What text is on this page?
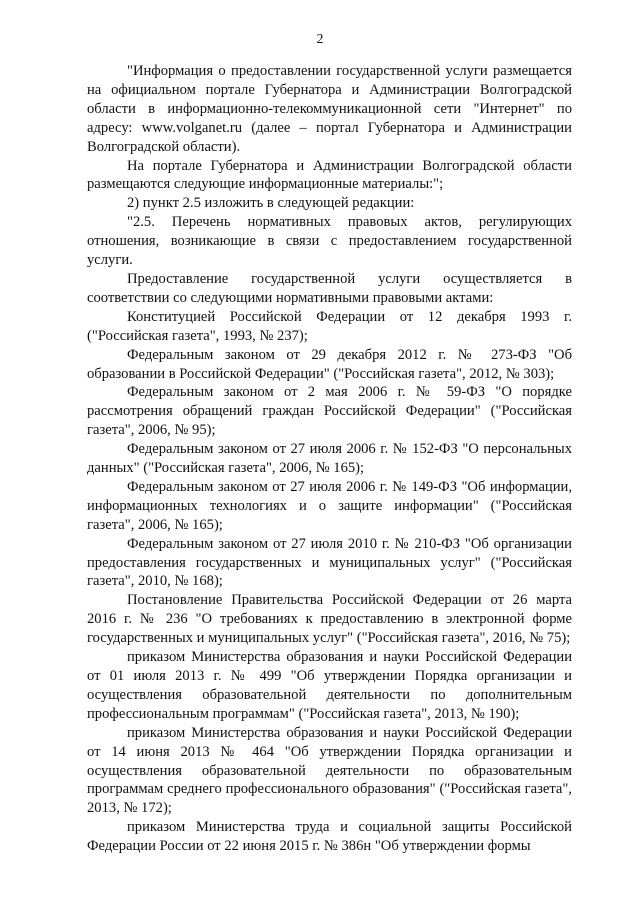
2

"Информация о предоставлении государственной услуги размещается на официальном портале Губернатора и Администрации Волгоградской области в информационно-телекоммуникационной сети "Интернет" по адресу: www.volganet.ru (далее – портал Губернатора и Администрации Волгоградской области).

На портале Губернатора и Администрации Волгоградской области размещаются следующие информационные материалы:";

2) пункт 2.5 изложить в следующей редакции:

"2.5. Перечень нормативных правовых актов, регулирующих отношения, возникающие в связи с предоставлением государственной услуги.

Предоставление государственной услуги осуществляется в соответствии со следующими нормативными правовыми актами:

Конституцией Российской Федерации от 12 декабря 1993 г. ("Российская газета", 1993, № 237);

Федеральным законом от 29 декабря 2012 г. № 273-ФЗ "Об образовании в Российской Федерации" ("Российская газета", 2012, № 303);

Федеральным законом от 2 мая 2006 г. № 59-ФЗ "О порядке рассмотрения обращений граждан Российской Федерации" ("Российская газета", 2006, № 95);

Федеральным законом от 27 июля 2006 г. № 152-ФЗ "О персональных данных" ("Российская газета", 2006, № 165);

Федеральным законом от 27 июля 2006 г. № 149-ФЗ "Об информации, информационных технологиях и о защите информации" ("Российская газета", 2006, № 165);

Федеральным законом от 27 июля 2010 г. № 210-ФЗ "Об организации предоставления государственных и муниципальных услуг" ("Российская газета", 2010, № 168);

Постановление Правительства Российской Федерации от 26 марта 2016 г. № 236 "О требованиях к предоставлению в электронной форме государственных и муниципальных услуг" ("Российская газета", 2016, № 75);

приказом Министерства образования и науки Российской Федерации от 01 июля 2013 г. № 499 "Об утверждении Порядка организации и осуществления образовательной деятельности по дополнительным профессиональным программам" ("Российская газета", 2013, № 190);

приказом Министерства образования и науки Российской Федерации от 14 июня 2013 № 464 "Об утверждении Порядка организации и осуществления образовательной деятельности по образовательным программам среднего профессионального образования" ("Российская газета", 2013, № 172);

приказом Министерства труда и социальной защиты Российской Федерации России от 22 июня 2015 г. № 386н "Об утверждении формы
